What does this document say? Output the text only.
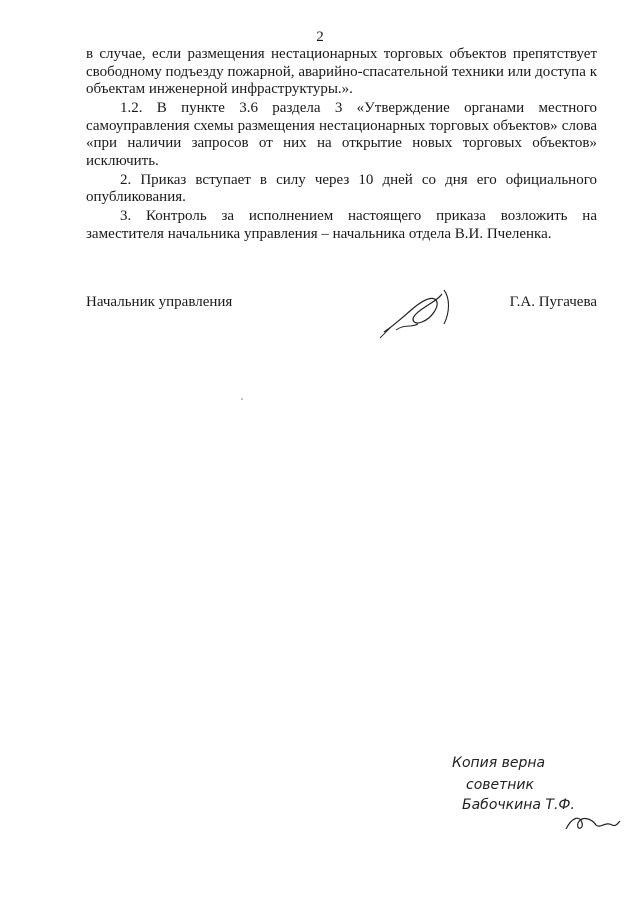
2

в случае, если размещения нестационарных торговых объектов препятствует свободному подъезду пожарной, аварийно-спасательной техники или доступа к объектам инженерной инфраструктуры.».

1.2. В пункте 3.6 раздела 3 «Утверждение органами местного самоуправления схемы размещения нестационарных торговых объектов» слова «при наличии запросов от них на открытие новых торговых объектов» исключить.

2. Приказ вступает в силу через 10 дней со дня его официального опубликования.

3. Контроль за исполнением настоящего приказа возложить на заместителя начальника управления – начальника отдела В.И. Пчеленка.

Начальник управления	Г.А. Пугачева
Копия верна
советник
Бабочкина Т.Ф.
